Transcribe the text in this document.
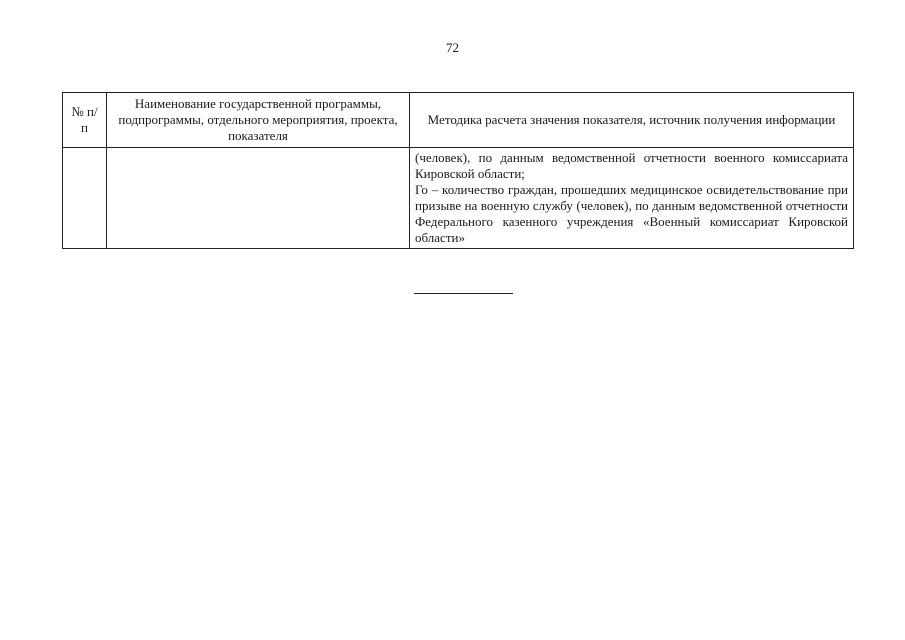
72
№ п/п	Наименование государственной программы, подпрограммы, отдельного мероприятия, проекта, показателя	Методика расчета значения показателя, источник получения информации

		(человек), по данным ведомственной отчетности военного комиссариата Кировской области;

Го – количество граждан, прошедших медицинское освидетельствование при призыве на военную службу (человек), по данным ведомственной отчетности Федерального казенного учреждения «Военный комиссариат Кировской области»
